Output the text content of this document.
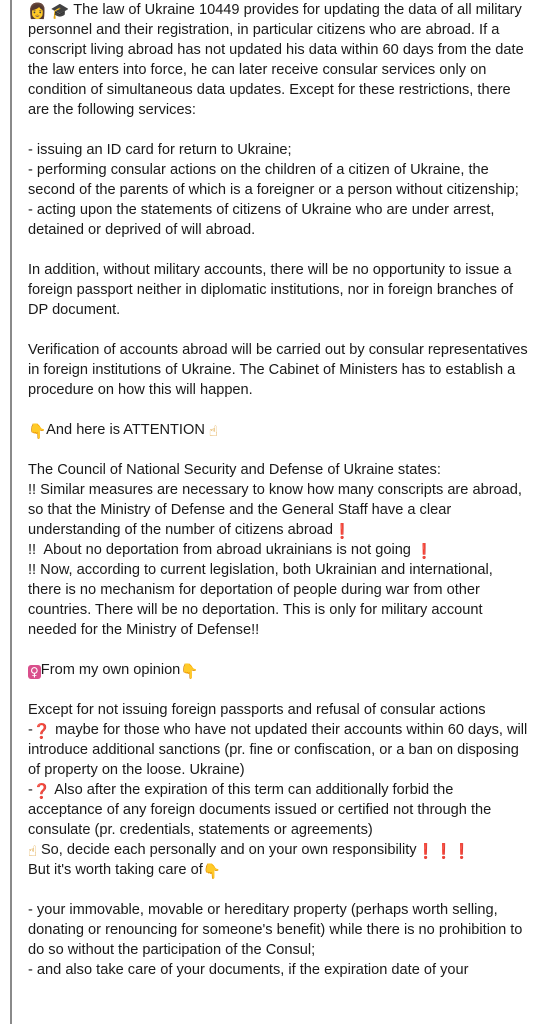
👩 🎓 The law of Ukraine 10449 provides for updating the data of all military personnel and their registration, in particular citizens who are abroad. If a conscript living abroad has not updated his data within 60 days from the date the law enters into force, he can later receive consular services only on condition of simultaneous data updates. Except for these restrictions, there are the following services:
- issuing an ID card for return to Ukraine;
- performing consular actions on the children of a citizen of Ukraine, the second of the parents of which is a foreigner or a person without citizenship;
- acting upon the statements of citizens of Ukraine who are under arrest, detained or deprived of will abroad.
In addition, without military accounts, there will be no opportunity to issue a foreign passport neither in diplomatic institutions, nor in foreign branches of DP document.
Verification of accounts abroad will be carried out by consular representatives in foreign institutions of Ukraine. The Cabinet of Ministers has to establish a procedure on how this will happen.
👇And here is ATTENTION ☝
The Council of National Security and Defense of Ukraine states:
!! Similar measures are necessary to know how many conscripts are abroad, so that the Ministry of Defense and the General Staff have a clear understanding of the number of citizens abroad❗
!!  About no deportation from abroad ukrainians is not going ❗
!! Now, according to current legislation, both Ukrainian and international, there is no mechanism for deportation of people during war from other countries. There will be no deportation. This is only for military account needed for the Ministry of Defense!!
♀ From my own opinion👇
Except for not issuing foreign passports and refusal of consular actions
-❓ maybe for those who have not updated their accounts within 60 days, will introduce additional sanctions (pr. fine or confiscation, or a ban on disposing of property on the loose. Ukraine)
-❓ Also after the expiration of this term can additionally forbid the acceptance of any foreign documents issued or certified not through the consulate (pr. credentials, statements or agreements)
☝ So, decide each personally and on your own responsibility❗❗❗
But it's worth taking care of👇
- your immovable, movable or hereditary property (perhaps worth selling, donating or renouncing for someone's benefit) while there is no prohibition to do so without the participation of the Consul;
- and also take care of your documents, if the expiration date of your
